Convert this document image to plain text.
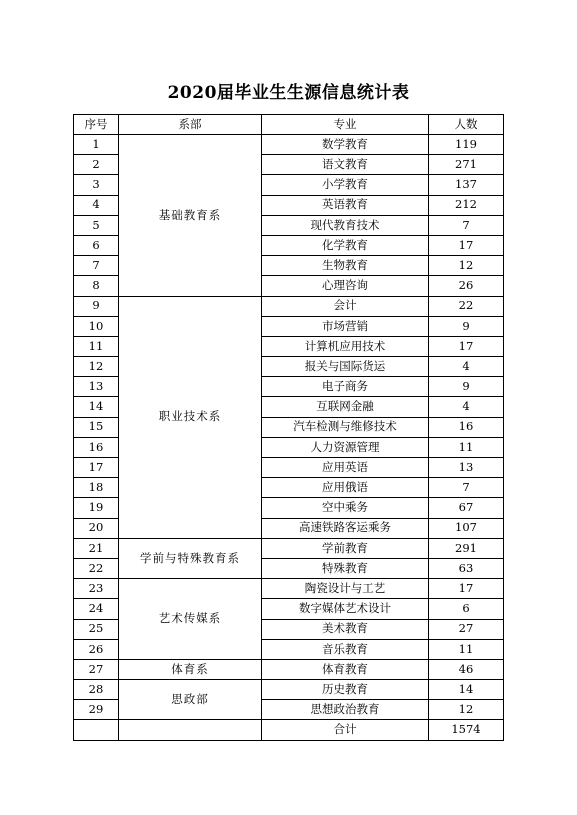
2020届毕业生生源信息统计表
序号	系部	专业	人数
1	基础教育系	数学教育	119
2		语文教育	271
3		小学教育	137
4		英语教育	212
5		现代教育技术	7
6		化学教育	17
7		生物教育	12
8		心理咨询	26
9	职业技术系	会计	22
10		市场营销	9
11		计算机应用技术	17
12		报关与国际货运	4
13		电子商务	9
14		互联网金融	4
15		汽车检测与维修技术	16
16		人力资源管理	11
17		应用英语	13
18		应用俄语	7
19		空中乘务	67
20		高速铁路客运乘务	107
21	学前与特殊教育系	学前教育	291
22		特殊教育	63
23	艺术传媒系	陶瓷设计与工艺	17
24		数字媒体艺术设计	6
25		美术教育	27
26		音乐教育	11
27	体育系	体育教育	46
28	思政部	历史教育	14
29		思想政治教育	12
		合计	1574
